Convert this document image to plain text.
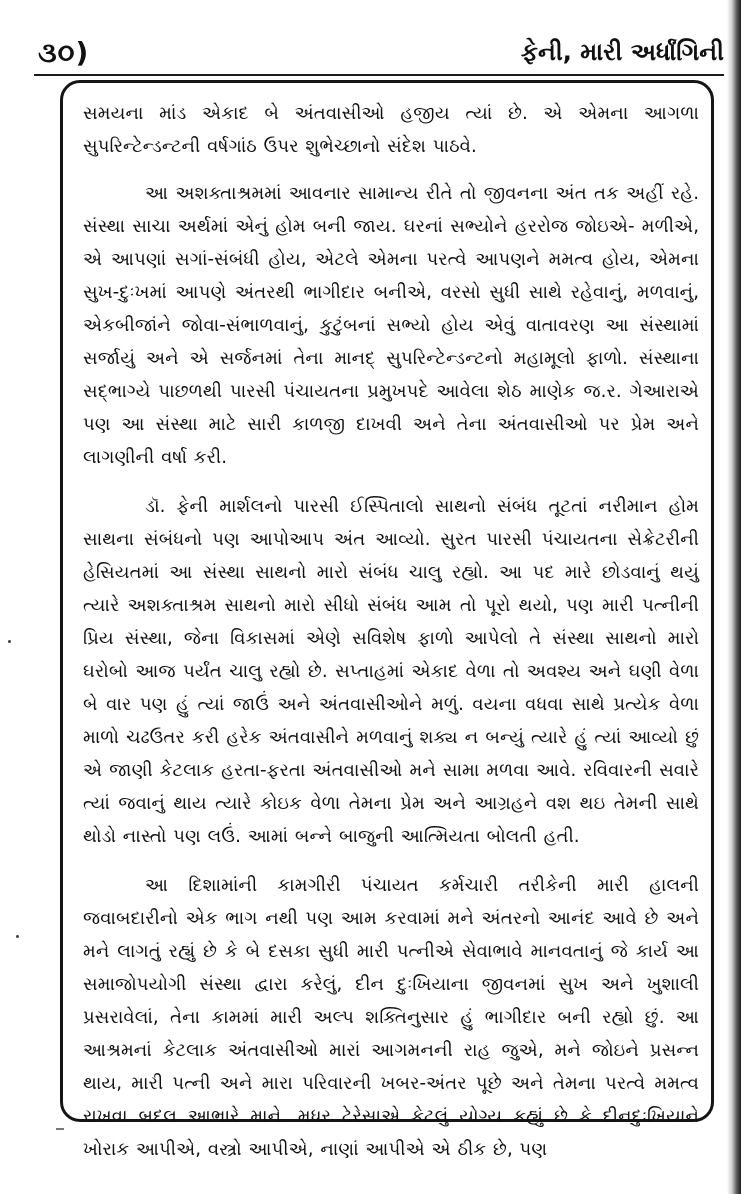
૩૦)	ફેની, મારી અર્ધાંગિની

સમયના માંડ એકાદ બે અંતવાસીઓ હજીય ત્યાં છે. એ એમના આગળા સુપરિન્ટેન્ડન્ટની વર્ષગાંઠ ઉપર શુભેચ્છાનો સંદેશ પાઠવે.

આ અશક્તાશ્રમમાં આવનાર સામાન્ય રીતે તો જીવનના અંત તક અહીં રહે. સંસ્થા સાચા અર્થમાં એનું હોમ બની જાય. ઘરનાં સભ્યોને હરરોજ જોઇએ- મળીએ, એ આપણાં સગાં-સંબંધી હોય, એટલે એમના પરત્વે આપણને મમત્વ હોય, એમના સુખ-દુઃખમાં આપણે અંતરથી ભાગીદાર બનીએ, વરસો સુધી સાથે રહેવાનું, મળવાનું, એકબીજાંને જોવા-સંભાળવાનું, કુટુંબનાં સભ્યો હોય એવું વાતાવરણ આ સંસ્થામાં સર્જાયું અને એ સર્જનમાં તેના માનદ્ સુપરિન્ટેન્ડન્ટનો મહામૂલો ફાળો. સંસ્થાના સદ્ભાગ્યે પાછળથી પારસી પંચાયતના પ્રમુખપદે આવેલા શેઠ માણેક જ.ર. ગેઆરાએ પણ આ સંસ્થા માટે સારી કાળજી દાખવી અને તેના અંતવાસીઓ પર પ્રેમ અને લાગણીની વર્ષા કરી.

ડૉ. ફેની માર્શલનો પારસી ઈસ્પિતાલો સાથનો સંબંધ તૂટતાં નરીમાન હોમ સાથના સંબંધનો પણ આપોઆપ અંત આવ્યો. સુરત પારસી પંચાયતના સેક્રેટરીની હેસિયતમાં આ સંસ્થા સાથનો મારો સંબંધ ચાલુ રહ્યો. આ પદ મારે છોડવાનું થયું ત્યારે અશક્તાશ્રમ સાથનો મારો સીધો સંબંધ આમ તો પૂરો થયો, પણ મારી પત્નીની પ્રિય સંસ્થા, જેના વિકાસમાં એણે સવિશેષ ફાળો આપેલો તે સંસ્થા સાથનો મારો ઘરોબો આજ પર્યંત ચાલુ રહ્યો છે. સપ્તાહમાં એકાદ વેળા તો અવશ્ય અને ઘણી વેળા બે વાર પણ હું ત્યાં જાઉં અને અંતવાસીઓને મળું. વયના વધવા સાથે પ્રત્યેક વેળા માળો ચઢઉતર કરી હરેક અંતવાસીને મળવાનું શક્ય ન બન્યું ત્યારે હું ત્યાં આવ્યો છું એ જાણી કેટલાક હરતા-ફરતા અંતવાસીઓ મને સામા મળવા આવે. રવિવારની સવારે ત્યાં જવાનું થાય ત્યારે કોઇક વેળા તેમના પ્રેમ અને આગ્રહને વશ થઇ તેમની સાથે થોડો નાસ્તો પણ લઉં. આમાં બન્ને બાજુની આત્મિયતા બોલતી હતી.

આ દિશામાંની કામગીરી પંચાયત કર્મચારી તરીકેની મારી હાલની જવાબદારીનો એક ભાગ નથી પણ આમ કરવામાં મને અંતરનો આનંદ આવે છે અને મને લાગતું રહ્યું છે કે બે દસકા સુધી મારી પત્નીએ સેવાભાવે માનવતાનું જે કાર્ય આ સમાજોપયોગી સંસ્થા દ્વારા કરેલું, દીન દુઃખિયાના જીવનમાં સુખ અને ખુશાલી પ્રસરાવેલાં, તેના કામમાં મારી અલ્પ શક્તિનુસાર હું ભાગીદાર બની રહ્યો છું. આ આશ્રમનાં કેટલાક અંતવાસીઓ મારાં આગમનની રાહ જુએ, મને જોઇને પ્રસન્ન થાય, મારી પત્ની અને મારા પરિવારની ખબર-અંતર પૂછે અને તેમના પરત્વે મમત્વ રાખવા બદલ આભારે માને. મધર ટેરેસાએ કેટલું યોગ્ય કહ્યું છે કે દીનદુઃખિયાને ખોરાક આપીએ, વસ્ત્રો આપીએ, નાણાં આપીએ એ ઠીક છે, પણ
